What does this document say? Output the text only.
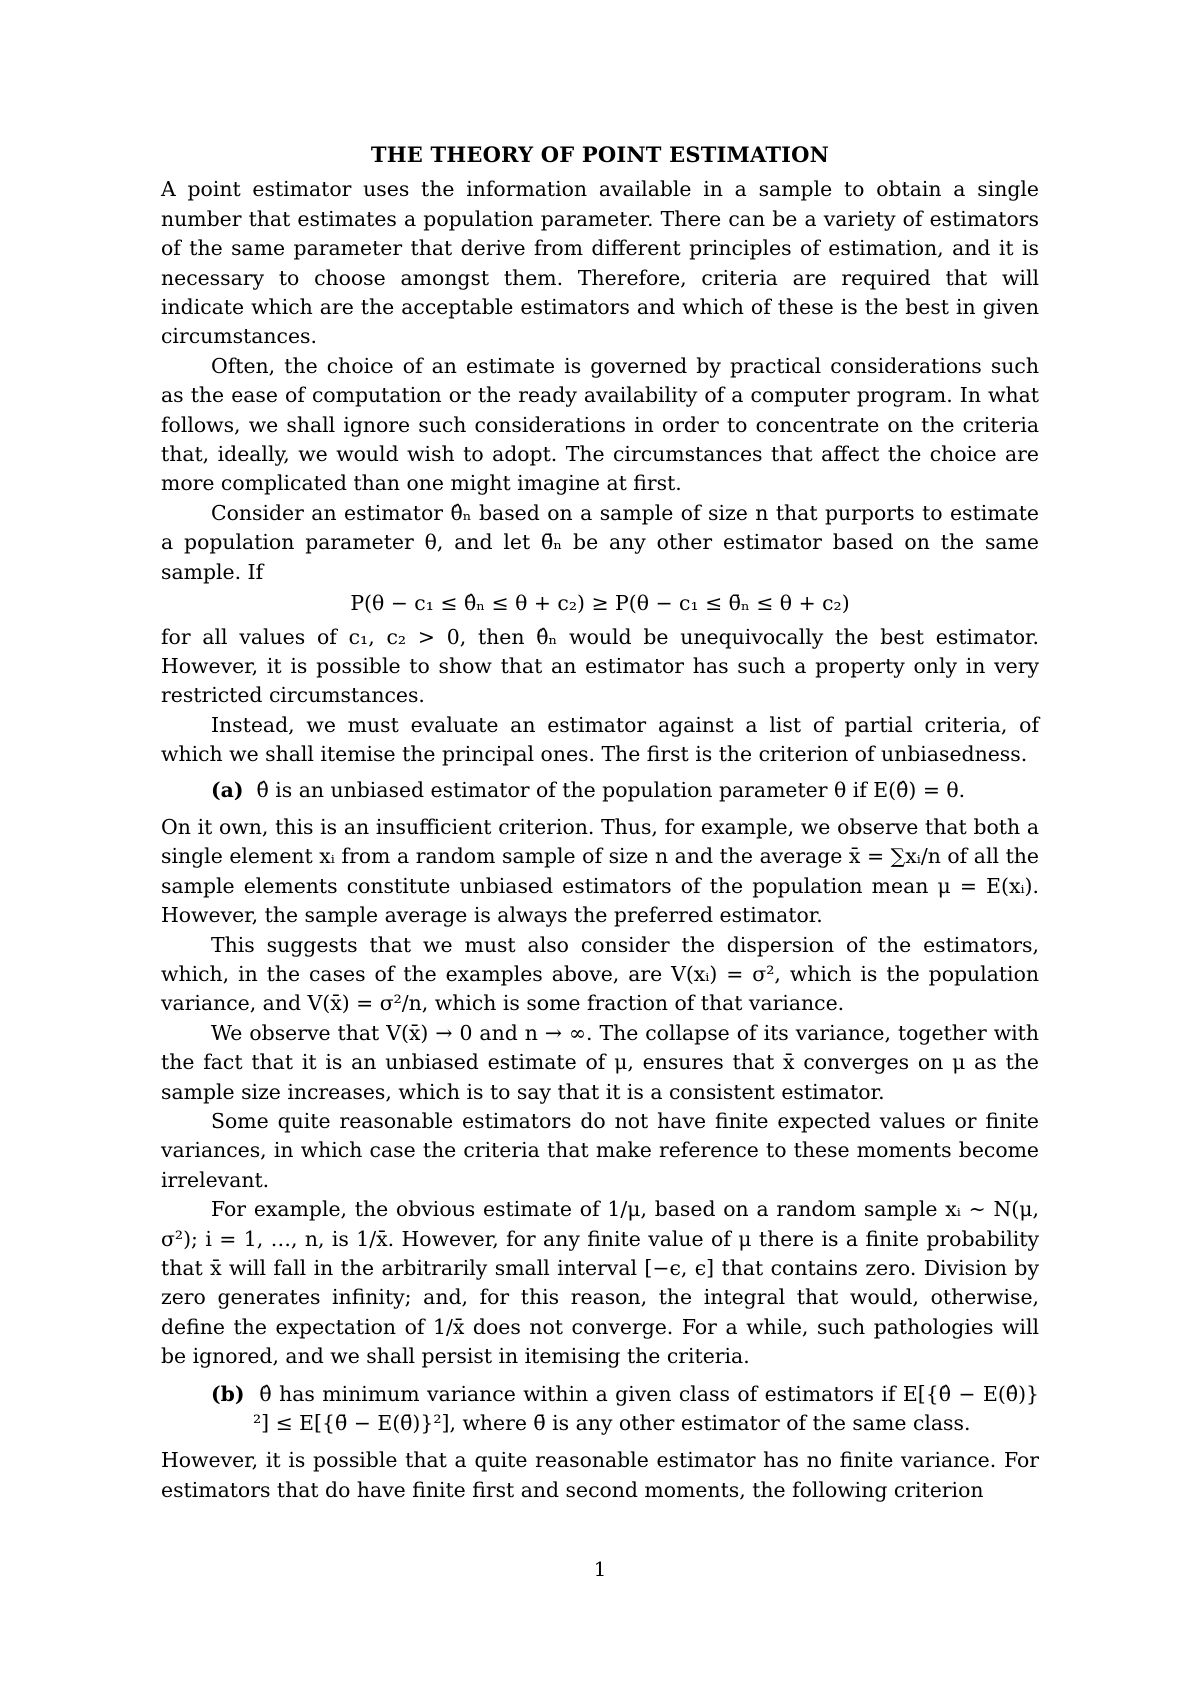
THE THEORY OF POINT ESTIMATION

A point estimator uses the information available in a sample to obtain a single number that estimates a population parameter. There can be a variety of estimators of the same parameter that derive from different principles of estimation, and it is necessary to choose amongst them. Therefore, criteria are required that will indicate which are the acceptable estimators and which of these is the best in given circumstances.

Often, the choice of an estimate is governed by practical considerations such as the ease of computation or the ready availability of a computer program. In what follows, we shall ignore such considerations in order to concentrate on the criteria that, ideally, we would wish to adopt. The circumstances that affect the choice are more complicated than one might imagine at first.

Consider an estimator θ̂ₙ based on a sample of size n that purports to estimate a population parameter θ, and let θ̄ₙ be any other estimator based on the same sample. If

P(θ − c₁ ≤ θ̂ₙ ≤ θ + c₂) ≥ P(θ − c₁ ≤ θ̄ₙ ≤ θ + c₂)

for all values of c₁, c₂ > 0, then θ̂ₙ would be unequivocally the best estimator. However, it is possible to show that an estimator has such a property only in very restricted circumstances.

Instead, we must evaluate an estimator against a list of partial criteria, of which we shall itemise the principal ones. The first is the criterion of unbiasedness.

(a) θ̂ is an unbiased estimator of the population parameter θ if E(θ̂) = θ.

On it own, this is an insufficient criterion. Thus, for example, we observe that both a single element xᵢ from a random sample of size n and the average x̄ = ∑xᵢ/n of all the sample elements constitute unbiased estimators of the population mean μ = E(xᵢ). However, the sample average is always the preferred estimator.

This suggests that we must also consider the dispersion of the estimators, which, in the cases of the examples above, are V(xᵢ) = σ², which is the population variance, and V(x̄) = σ²/n, which is some fraction of that variance.

We observe that V(x̄) → 0 and n → ∞. The collapse of its variance, together with the fact that it is an unbiased estimate of μ, ensures that x̄ converges on μ as the sample size increases, which is to say that it is a consistent estimator.

Some quite reasonable estimators do not have finite expected values or finite variances, in which case the criteria that make reference to these moments become irrelevant.

For example, the obvious estimate of 1/μ, based on a random sample xᵢ ∼ N(μ, σ²); i = 1, …, n, is 1/x̄. However, for any finite value of μ there is a finite probability that x̄ will fall in the arbitrarily small interval [−ϵ, ϵ] that contains zero. Division by zero generates infinity; and, for this reason, the integral that would, otherwise, define the expectation of 1/x̄ does not converge. For a while, such pathologies will be ignored, and we shall persist in itemising the criteria.

(b) θ̂ has minimum variance within a given class of estimators if E[{θ̂ − E(θ̂)}²] ≤ E[{θ̄ − E(θ̄)}²], where θ̄ is any other estimator of the same class.

However, it is possible that a quite reasonable estimator has no finite variance. For estimators that do have finite first and second moments, the following criterion

1
